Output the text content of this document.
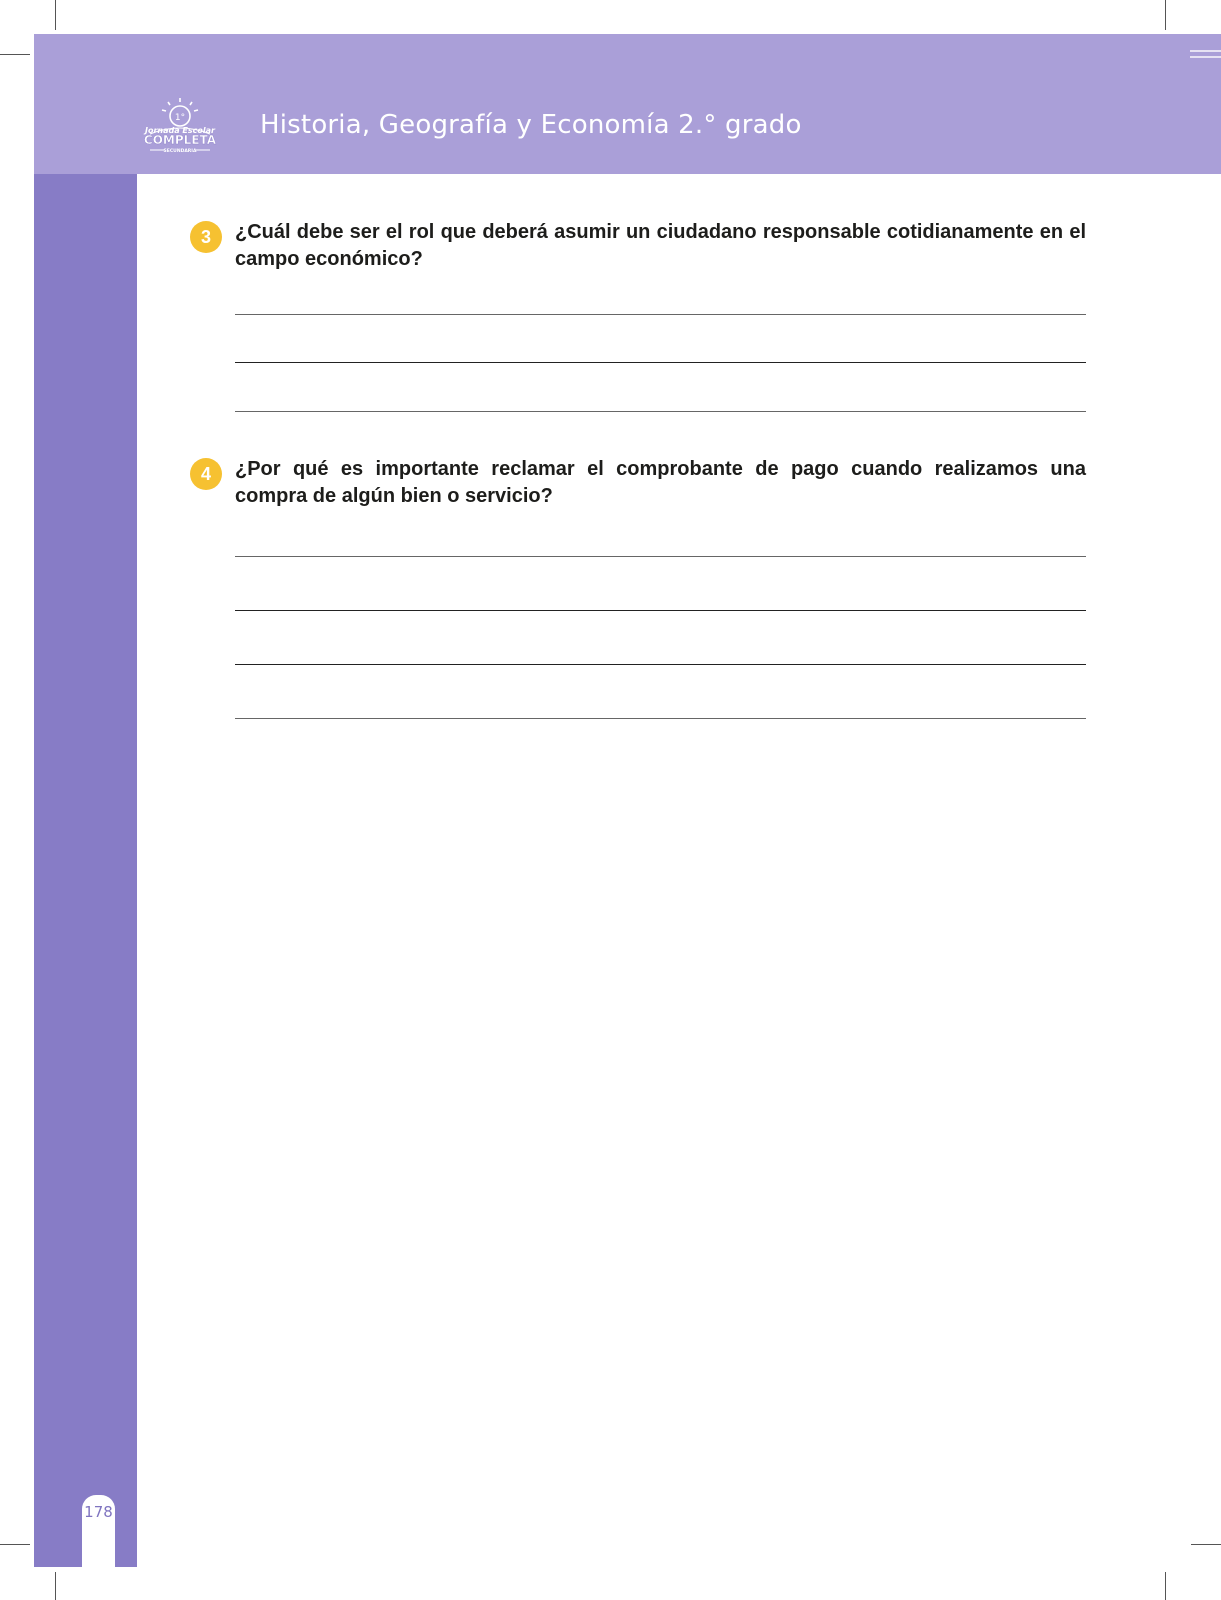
1°
Jornada Escolar
COMPLETA
SECUNDARIA
Historia, Geografía y Economía 2.° grado
178
3	¿Cuál debe ser el rol que deberá asumir un ciudadano responsable cotidianamente en el campo económico?
4	¿Por qué es importante reclamar el comprobante de pago cuando realizamos una compra de algún bien o servicio?
